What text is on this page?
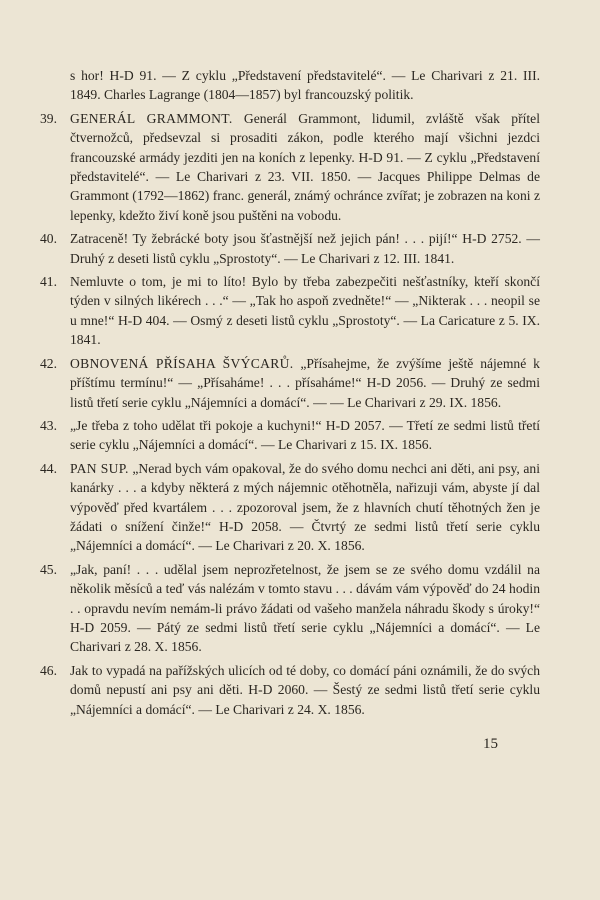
s hor! H-D 91. — Z cyklu „Představení představitelé“. — Le Charivari z 21. III. 1849. Charles Lagrange (1804—1857) byl francouzský politik.
39. GENERÁL GRAMMONT. Generál Grammont, lidumil, zvláště však přítel čtvernožců, předsevzal si prosaditi zákon, podle kterého mají všichni jezdci francouzské armády jezditi jen na koních z lepenky. H-D 91. — Z cyklu „Představení představitelé“. — Le Charivari z 23. VII. 1850. — Jacques Philippe Delmas de Grammont (1792—1862) franc. generál, známý ochránce zvířat; je zobrazen na koni z lepenky, kdežto živí koně jsou puštěni na vobodu.
40. Zatraceně! Ty žebrácké boty jsou šťastnější než jejich pán! . . . pijí!“ H-D 2752. — Druhý z deseti listů cyklu „Sprostoty“. — Le Charivari z 12. III. 1841.
41. Nemluvte o tom, je mi to líto! Bylo by třeba zabezpečiti nešťastníky, kteří skončí týden v silných likérech . . .“ — „Tak ho aspoň zvedněte!“ — „Nikterak . . . neopil se u mne!“ H-D 404. — Osmý z deseti listů cyklu „Sprostoty“. — La Caricature z 5. IX. 1841.
42. OBNOVENÁ PŘÍSAHA ŠVÝCARŮ. „Přísahejme, že zvýšíme ještě nájemné k příštímu termínu!“ — „Přísaháme! . . . přísaháme!“ H-D 2056. — Druhý ze sedmi listů třetí serie cyklu „Nájemníci a domácí“. — — Le Charivari z 29. IX. 1856.
43. „Je třeba z toho udělat tři pokoje a kuchyni!“ H-D 2057. — Třetí ze sedmi listů třetí serie cyklu „Nájemníci a domácí“. — Le Charivari z 15. IX. 1856.
44. PAN SUP. „Nerad bych vám opakoval, že do svého domu nechci ani děti, ani psy, ani kanárky . . . a kdyby některá z mých nájemnic otěhotněla, nařizuji vám, abyste jí dal výpověď před kvartálem . . . zpozoroval jsem, že z hlavních chutí těhotných žen je žádati o snížení činže!“ H-D 2058. — Čtvrtý ze sedmi listů třetí serie cyklu „Nájemníci a domácí“. — Le Charivari z 20. X. 1856.
45. „Jak, paní! . . . udělal jsem neprozřetelnost, že jsem se ze svého domu vzdálil na několik měsíců a teď vás nalézám v tomto stavu . . . dávám vám výpověď do 24 hodin . . opravdu nevím nemám-li právo žádati od vašeho manžela náhradu škody s úroky!“ H-D 2059. — Pátý ze sedmi listů třetí serie cyklu „Nájemníci a domácí“. — Le Charivari z 28. X. 1856.
46. Jak to vypadá na pařížských ulicích od té doby, co domácí páni oznámili, že do svých domů nepustí ani psy ani děti. H-D 2060. — Šestý ze sedmi listů třetí serie cyklu „Nájemníci a domácí“. — Le Charivari z 24. X. 1856.
15
